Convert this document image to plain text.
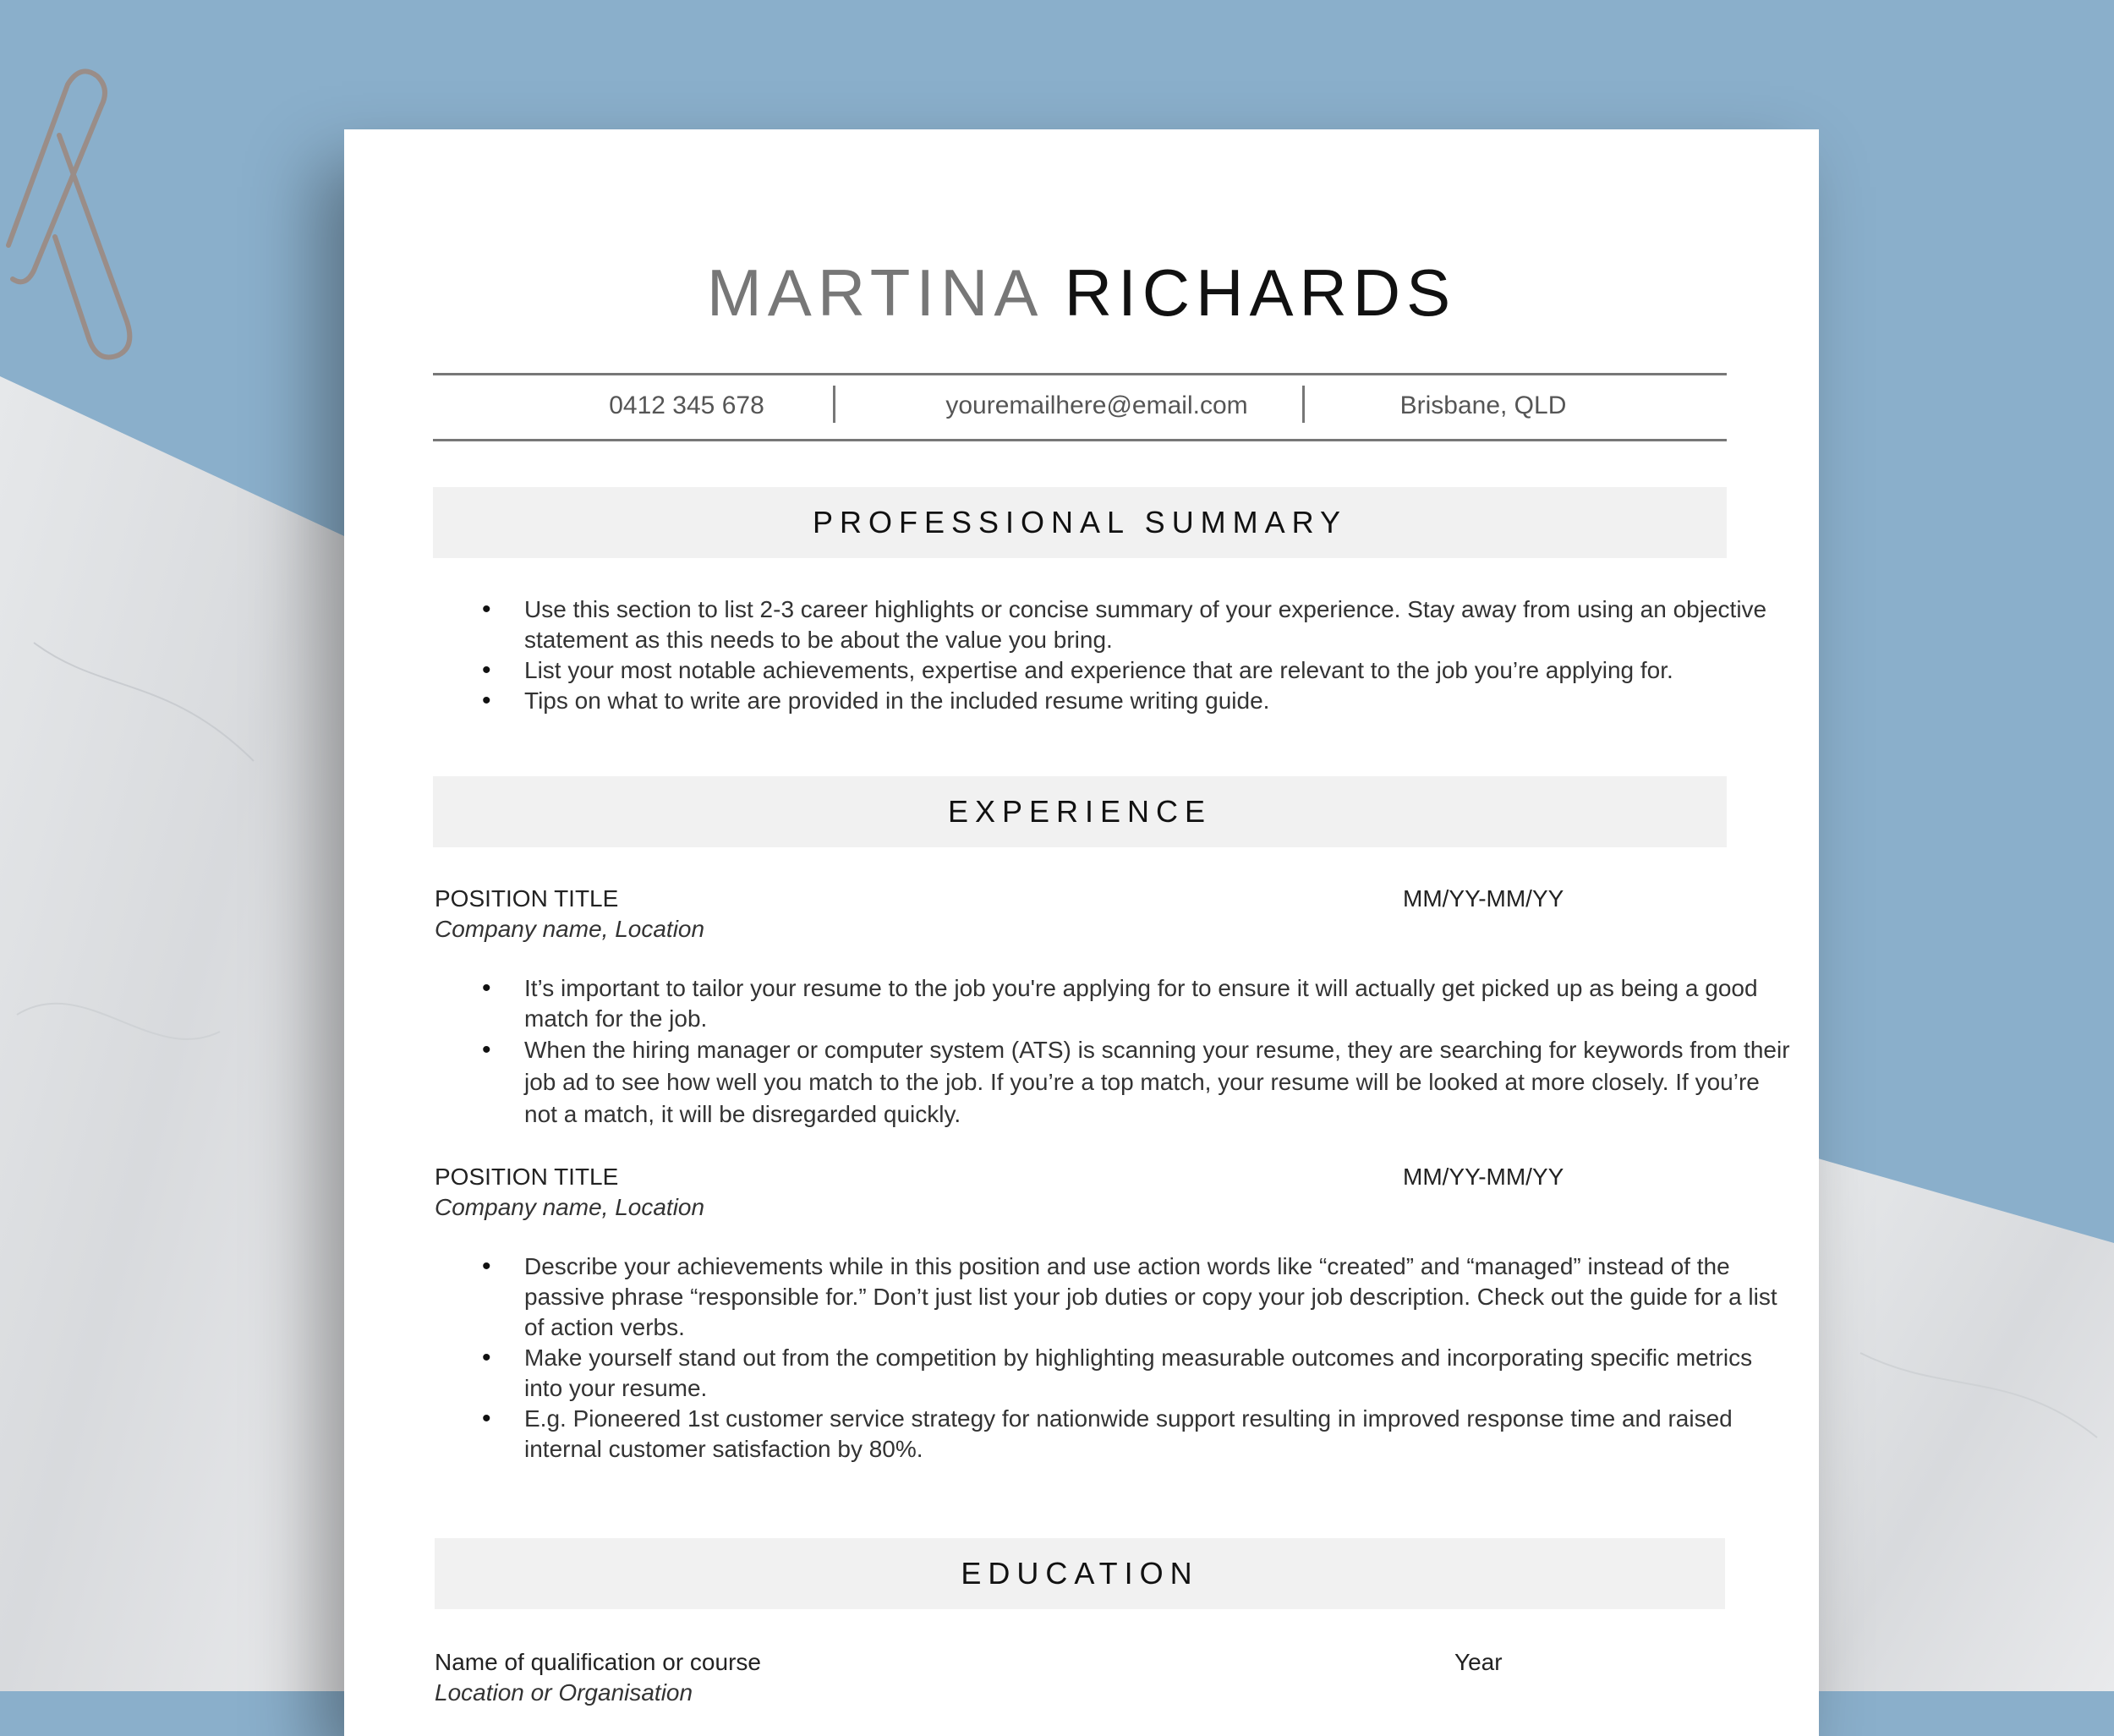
MARTINA RICHARDS
0412 345 678	youremailhere@email.com	Brisbane, QLD
PROFESSIONAL SUMMARY
• Use this section to list 2-3 career highlights or concise summary of your experience. Stay away from using an objective statement as this needs to be about the value you bring.
• List your most notable achievements, expertise and experience that are relevant to the job you’re applying for.
• Tips on what to write are provided in the included resume writing guide.
EXPERIENCE
POSITION TITLE	MM/YY-MM/YY
Company name, Location
• It’s important to tailor your resume to the job you're applying for to ensure it will actually get picked up as being a good match for the job.
• When the hiring manager or computer system (ATS) is scanning your resume, they are searching for keywords from their job ad to see how well you match to the job. If you’re a top match, your resume will be looked at more closely. If you’re not a match, it will be disregarded quickly.
POSITION TITLE	MM/YY-MM/YY
Company name, Location
• Describe your achievements while in this position and use action words like “created” and “managed” instead of the passive phrase “responsible for.” Don’t just list your job duties or copy your job description. Check out the guide for a list of action verbs.
• Make yourself stand out from the competition by highlighting measurable outcomes and incorporating specific metrics into your resume.
• E.g. Pioneered 1st customer service strategy for nationwide support resulting in improved response time and raised internal customer satisfaction by 80%.
EDUCATION
Name of qualification or course	Year
Location or Organisation
